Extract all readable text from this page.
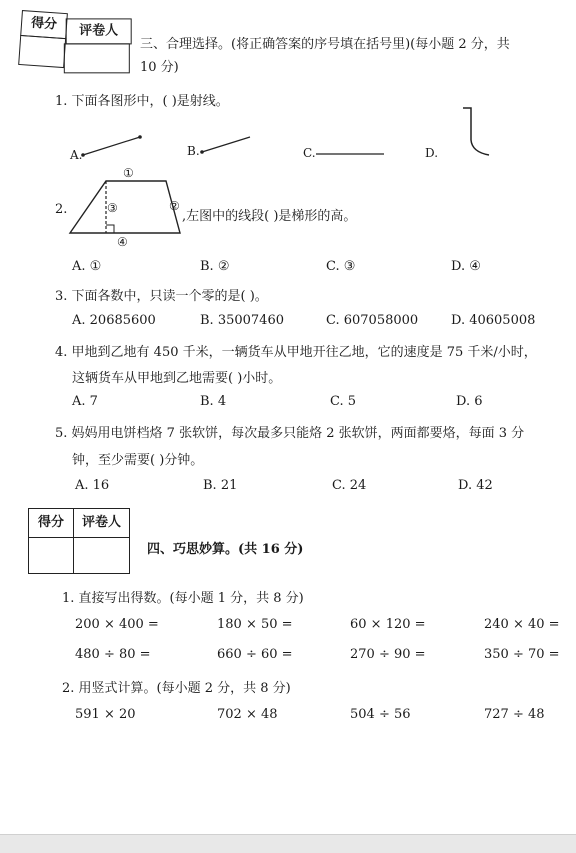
得分	评卷人
三、合理选择。(将正确答案的序号填在括号里)(每小题 2 分，共
10 分)
1. 下面各图形中，( )是射线。
A.	B.	C.	D.
2.
①
③	②
④
,左图中的线段( )是梯形的高。
A. ①	B. ②	C. ③	D. ④
3. 下面各数中，只读一个零的是( )。
A. 20685600	B. 35007460	C. 607058000	D. 40605008
4. 甲地到乙地有 450 千米，一辆货车从甲地开往乙地，它的速度是 75 千米/小时，
这辆货车从甲地到乙地需要( )小时。
A. 7	B. 4	C. 5	D. 6
5. 妈妈用电饼档烙 7 张软饼，每次最多只能烙 2 张软饼，两面都要烙，每面 3 分
钟，至少需要( )分钟。
A. 16	B. 21	C. 24	D. 42
得分	评卷人
四、巧思妙算。(共 16 分)
1. 直接写出得数。(每小题 1 分，共 8 分)
200 × 400 =	180 × 50 =	60 × 120 =	240 × 40 =
480 ÷ 80 =	660 ÷ 60 =	270 ÷ 90 =	350 ÷ 70 =
2. 用竖式计算。(每小题 2 分，共 8 分)
591 × 20	702 × 48	504 ÷ 56	727 ÷ 48
